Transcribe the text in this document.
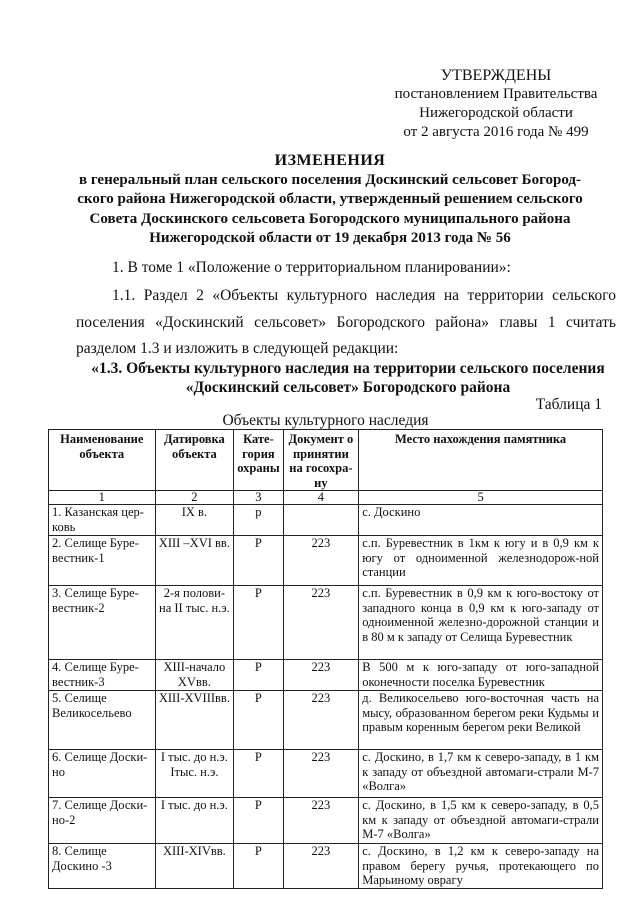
УТВЕРЖДЕНЫ
постановлением Правительства
Нижегородской области
от 2 августа 2016 года № 499
ИЗМЕНЕНИЯ
в генеральный план сельского поселения Доскинский сельсовет Богород-
ского района Нижегородской области, утвержденный решением сельского
Совета Доскинского сельсовета Богородского муниципального района
Нижегородской области от 19 декабря 2013 года № 56
1. В томе 1 «Положение о территориальном планировании»:
1.1. Раздел 2 «Объекты культурного наследия на территории сельского
поселения «Доскинский сельсовет» Богородского района» главы 1 считать
разделом 1.3 и изложить в следующей редакции:
«1.3. Объекты культурного наследия на территории сельского поселения
«Доскинский сельсовет» Богородского района
Таблица 1
Объекты культурного наследия
Наименование объекта	Датировка объекта	Кате-гория охраны	Документ о принятии на госохра-ну	Место нахождения памятника
1	2	3	4	5
1. Казанская цер-ковь	IX в.	р		с. Доскино
2. Селище Буре-вестник-1	XIII –XVI вв.	Р	223	с.п. Буревестник в 1км к югу и в 0,9 км к югу от одноименной железнодорож-ной станции
3. Селище Буре-вестник-2	2-я полови-на II тыс. н.э.	Р	223	с.п. Буревестник в 0,9 км к юго-востоку от западного конца в 0,9 км к юго-западу от одноименной железно-дорожной станции и в 80 м к западу от Селища Буревестник
4. Селище Буре-вестник-3	XIII-начало XVвв.	Р	223	В 500 м к юго-западу от юго-западной оконечности поселка Буревестник
5. Селище Великосельево	XIII-XVIIIвв.	Р	223	д. Великосельево юго-восточная часть на мысу, образованном берегом реки Кудьмы и правым коренным берегом реки Великой
6. Селище Доски-но	I тыс. до н.э. Iтыс. н.э.	Р	223	с. Доскино, в 1,7 км к северо-западу, в 1 км к западу от объездной автомаги-страли М-7 «Волга»
7. Селище Доски-но-2	I тыс. до н.э.	Р	223	с. Доскино, в 1,5 км к северо-западу, в 0,5 км к западу от объездной автомаги-страли М-7 «Волга»
8. Селище Доскино -3	XIII-XIVвв.	Р	223	с. Доскино, в 1,2 км к северо-западу на правом берегу ручья, протекающего по Марьиному оврагу
